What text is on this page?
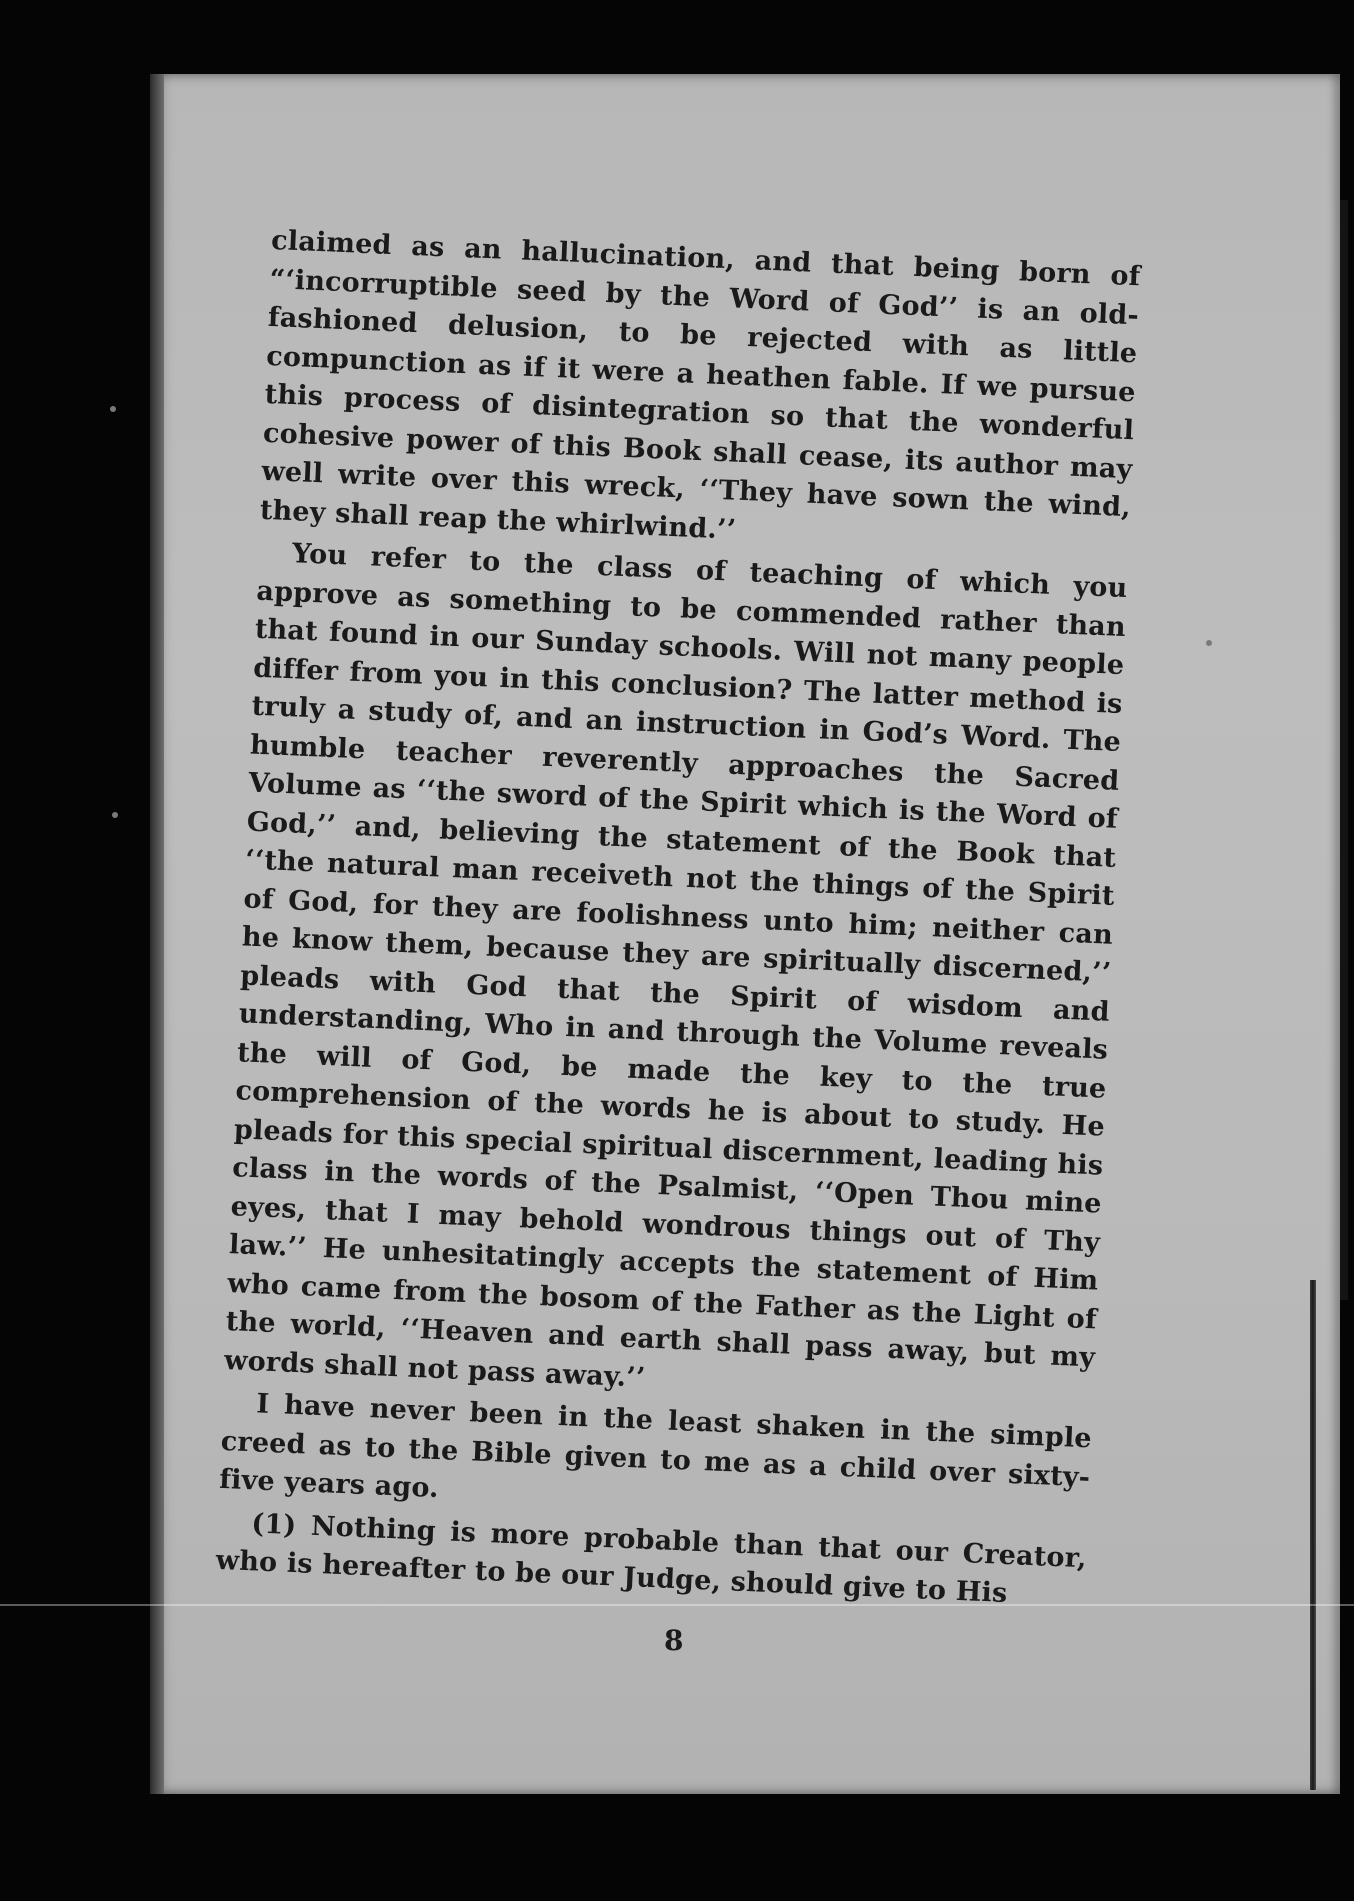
claimed as an hallucination, and that being born of “‘incorruptible seed by the Word of God’’ is an old-fashioned delusion, to be rejected with as little compunction as if it were a heathen fable. If we pursue this process of disintegration so that the wonderful cohesive power of this Book shall cease, its author may well write over this wreck, ‘‘They have sown the wind, they shall reap the whirlwind.’’

You refer to the class of teaching of which you approve as something to be commended rather than that found in our Sunday schools. Will not many people differ from you in this conclusion? The latter method is truly a study of, and an instruction in God’s Word. The humble teacher reverently approaches the Sacred Volume as ‘‘the sword of the Spirit which is the Word of God,’’ and, believing the statement of the Book that ‘‘the natural man receiveth not the things of the Spirit of God, for they are foolishness unto him; neither can he know them, because they are spiritually discerned,’’ pleads with God that the Spirit of wisdom and understanding, Who in and through the Volume reveals the will of God, be made the key to the true comprehension of the words he is about to study. He pleads for this special spiritual discernment, leading his class in the words of the Psalmist, ‘‘Open Thou mine eyes, that I may behold wondrous things out of Thy law.’’ He unhesitatingly accepts the statement of Him who came from the bosom of the Father as the Light of the world, ‘‘Heaven and earth shall pass away, but my words shall not pass away.’’

I have never been in the least shaken in the simple creed as to the Bible given to me as a child over sixty-five years ago.

(1) Nothing is more probable than that our Creator, who is hereafter to be our Judge, should give to His

8
